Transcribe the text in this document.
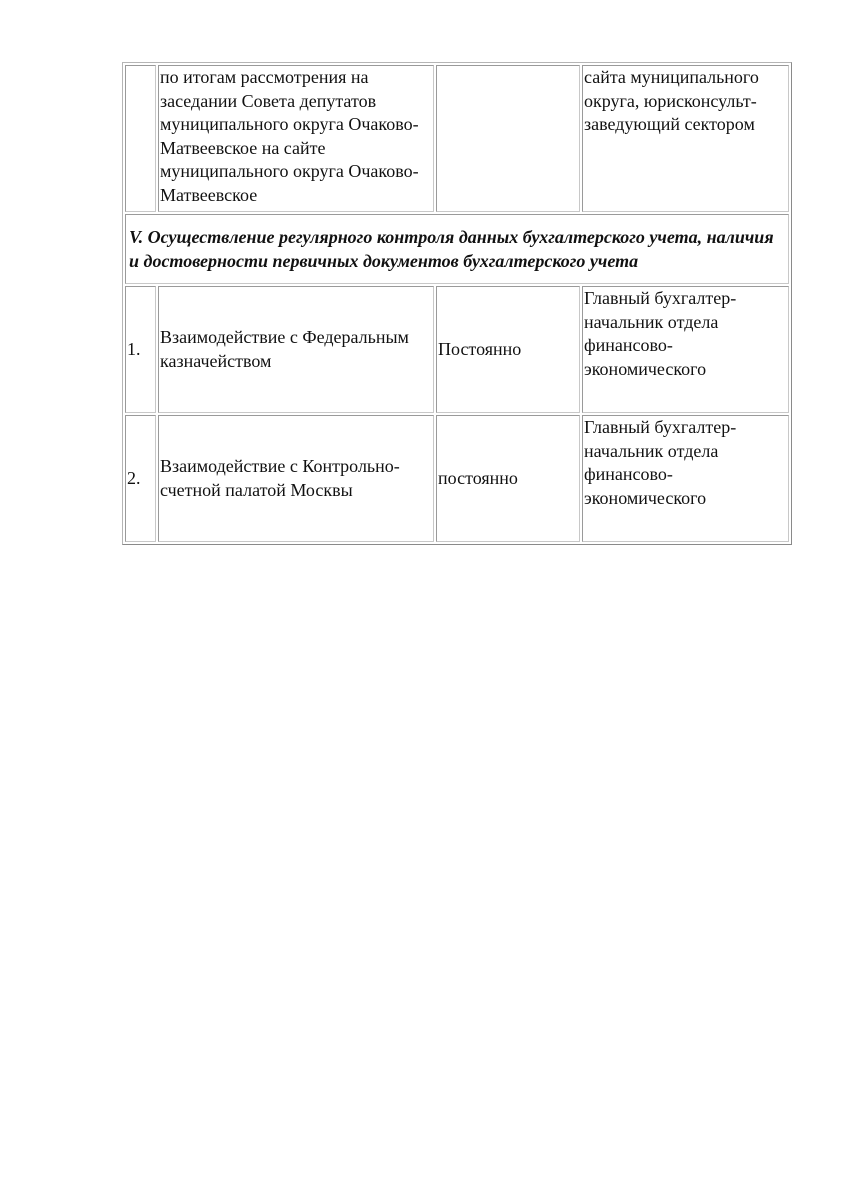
	по итогам рассмотрения на заседании Совета депутатов муниципального округа Очаково-Матвеевское на сайте муниципального округа Очаково-Матвеевское		сайта муниципального округа, юрисконсульт-заведующий сектором

V. Осуществление регулярного контроля данных бухгалтерского учета, наличия и достоверности первичных документов бухгалтерского учета			
1.	Взаимодействие с Федеральным казначейством	Постоянно	Главный бухгалтер-начальник отдела финансово-экономического
2.	Взаимодействие с Контрольно-счетной палатой Москвы	постоянно	Главный бухгалтер-начальник отдела финансово-экономического
